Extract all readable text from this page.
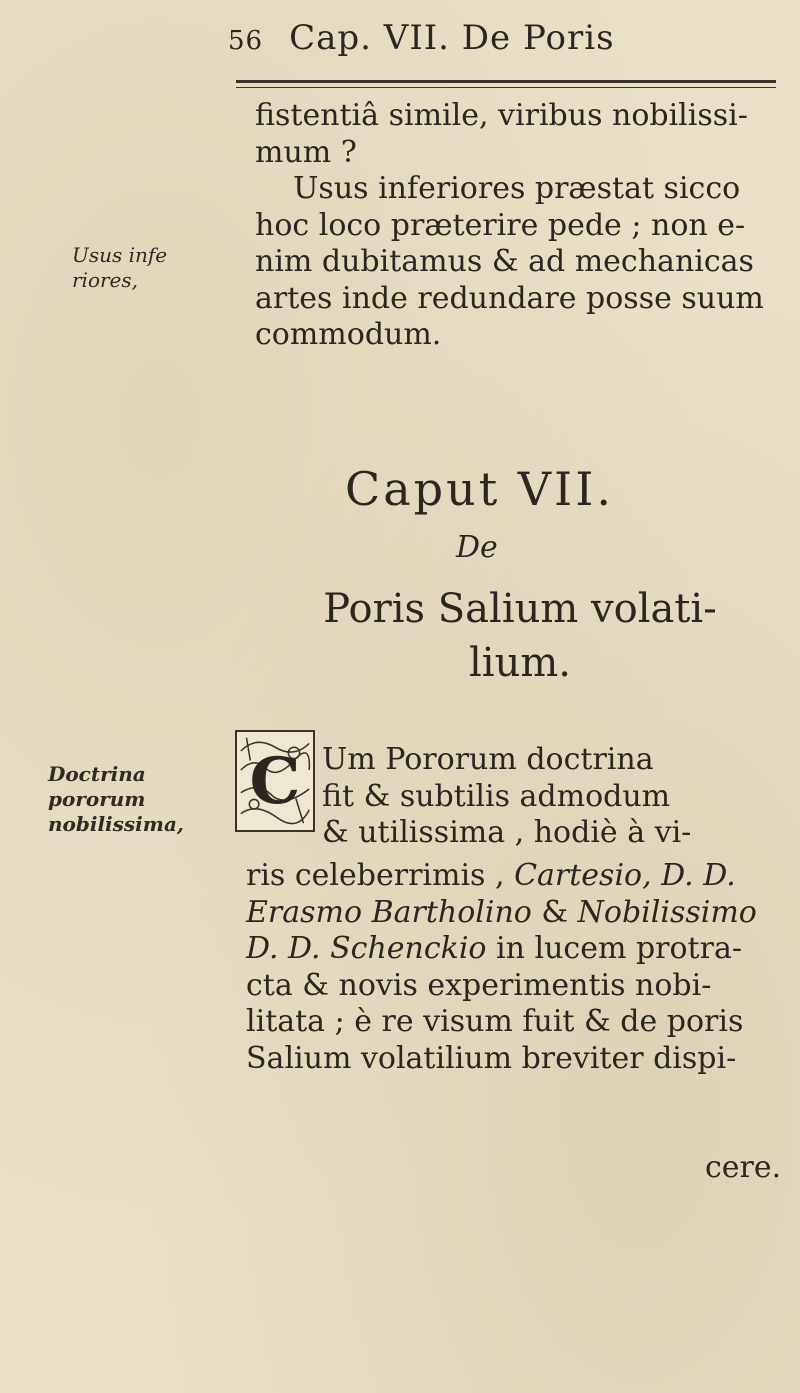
56 Cap. VII. De Poris
Usus infe
riores,
fistentiâ simile, viribus nobilissi-
mum ?
Usus inferiores præstat sicco
hoc loco præterire pede ; non e-
nim dubitamus & ad mechanicas
artes inde redundare posse suum
commodum.
Caput VII.
De
Poris Salium volati-
lium.
Doctrina
pororum
nobilissima,
C Um Pororum doctrina
fit & subtilis admodum
& utilissima , hodiè à vi-
ris celeberrimis , Cartesio, D. D.
Erasmo Bartholino & Nobilissimo
D. D. Schenckio in lucem protra-
cta & novis experimentis nobi-
litata ; è re visum fuit & de poris
Salium volatilium breviter dispi-
cere.
